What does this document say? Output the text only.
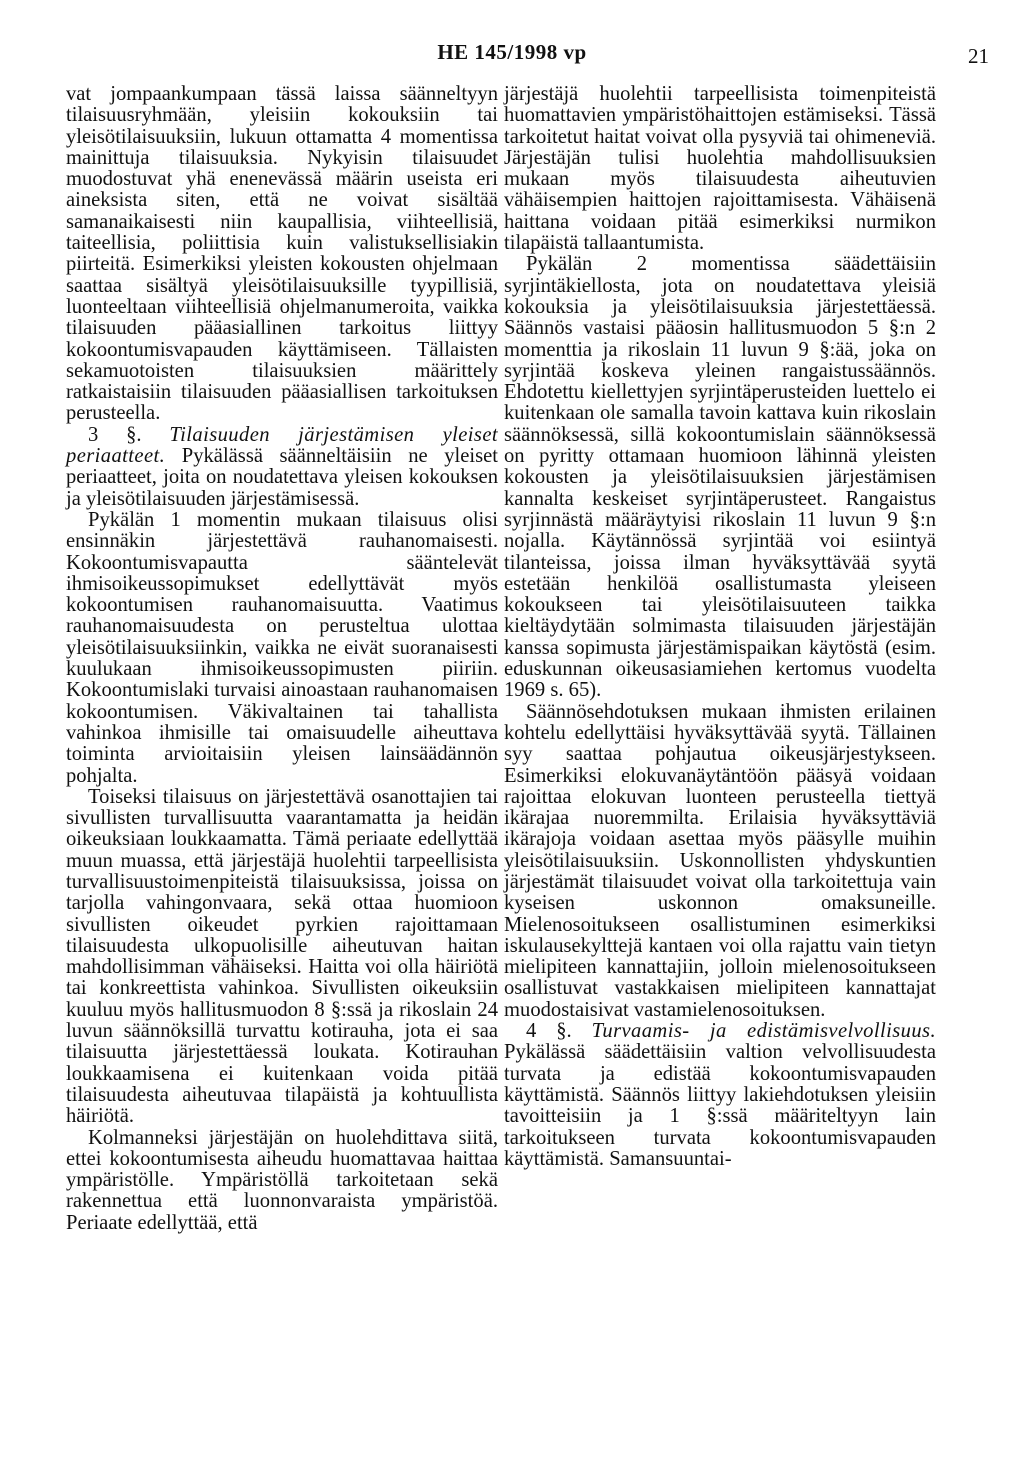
HE 145/1998 vp	21

vat jompaankumpaan tässä laissa säänneltyyn tilaisuusryhmään, yleisiin kokouksiin tai yleisötilaisuuksiin, lukuun ottamatta 4 momentissa mainittuja tilaisuuksia. Nykyisin tilaisuudet muodostuvat yhä enenevässä määrin useista eri aineksista siten, että ne voivat sisältää samanaikaisesti niin kaupallisia, viihteellisiä, taiteellisia, poliittisia kuin valistuksellisiakin piirteitä. Esimerkiksi yleisten kokousten ohjelmaan saattaa sisältyä yleisötilaisuuksille tyypillisiä, luonteeltaan viihteellisiä ohjelmanumeroita, vaikka tilaisuuden pääasiallinen tarkoitus liittyy kokoontumisvapauden käyttämiseen. Tällaisten sekamuotoisten tilaisuuksien määrittely ratkaistaisiin tilaisuuden pääasiallisen tarkoituksen perusteella.

3 §. Tilaisuuden järjestämisen yleiset periaatteet. Pykälässä säänneltäisiin ne yleiset periaatteet, joita on noudatettava yleisen kokouksen ja yleisötilaisuuden järjestämisessä.

Pykälän 1 momentin mukaan tilaisuus olisi ensinnäkin järjestettävä rauhanomaisesti. Kokoontumisvapautta sääntelevät ihmisoikeussopimukset edellyttävät myös kokoontumisen rauhanomaisuutta. Vaatimus rauhanomaisuudesta on perusteltua ulottaa yleisötilaisuuksiinkin, vaikka ne eivät suoranaisesti kuulukaan ihmisoikeussopimusten piiriin. Kokoontumislaki turvaisi ainoastaan rauhanomaisen kokoontumisen. Väkivaltainen tai tahallista vahinkoa ihmisille tai omaisuudelle aiheuttava toiminta arvioitaisiin yleisen lainsäädännön pohjalta.

Toiseksi tilaisuus on järjestettävä osanottajien tai sivullisten turvallisuutta vaarantamatta ja heidän oikeuksiaan loukkaamatta. Tämä periaate edellyttää muun muassa, että järjestäjä huolehtii tarpeellisista turvallisuustoimenpiteistä tilaisuuksissa, joissa on tarjolla vahingonvaara, sekä ottaa huomioon sivullisten oikeudet pyrkien rajoittamaan tilaisuudesta ulkopuolisille aiheutuvan haitan mahdollisimman vähäiseksi. Haitta voi olla häiriötä tai konkreettista vahinkoa. Sivullisten oikeuksiin kuuluu myös hallitusmuodon 8 §:ssä ja rikoslain 24 luvun säännöksillä turvattu kotirauha, jota ei saa tilaisuutta järjestettäessä loukata. Kotirauhan loukkaamisena ei kuitenkaan voida pitää tilaisuudesta aiheutuvaa tilapäistä ja kohtuullista häiriötä.

Kolmanneksi järjestäjän on huolehdittava siitä, ettei kokoontumisesta aiheudu huomattavaa haittaa ympäristölle. Ympäristöllä tarkoitetaan sekä rakennettua että luonnonvaraista ympäristöä. Periaate edellyttää, että

järjestäjä huolehtii tarpeellisista toimenpiteistä huomattavien ympäristöhaittojen estämiseksi. Tässä tarkoitetut haitat voivat olla pysyviä tai ohimeneviä. Järjestäjän tulisi huolehtia mahdollisuuksien mukaan myös tilaisuudesta aiheutuvien vähäisempien haittojen rajoittamisesta. Vähäisenä haittana voidaan pitää esimerkiksi nurmikon tilapäistä tallaantumista.

Pykälän 2 momentissa säädettäisiin syrjintäkiellosta, jota on noudatettava yleisiä kokouksia ja yleisötilaisuuksia järjestettäessä. Säännös vastaisi pääosin hallitusmuodon 5 §:n 2 momenttia ja rikoslain 11 luvun 9 §:ää, joka on syrjintää koskeva yleinen rangaistussäännös. Ehdotettu kiellettyjen syrjintäperusteiden luettelo ei kuitenkaan ole samalla tavoin kattava kuin rikoslain säännöksessä, sillä kokoontumislain säännöksessä on pyritty ottamaan huomioon lähinnä yleisten kokousten ja yleisötilaisuuksien järjestämisen kannalta keskeiset syrjintäperusteet. Rangaistus syrjinnästä määräytyisi rikoslain 11 luvun 9 §:n nojalla. Käytännössä syrjintää voi esiintyä tilanteissa, joissa ilman hyväksyttävää syytä estetään henkilöä osallistumasta yleiseen kokoukseen tai yleisötilaisuuteen taikka kieltäydytään solmimasta tilaisuuden järjestäjän kanssa sopimusta järjestämispaikan käytöstä (esim. eduskunnan oikeusasiamiehen kertomus vuodelta 1969 s. 65).

Säännösehdotuksen mukaan ihmisten erilainen kohtelu edellyttäisi hyväksyttävää syytä. Tällainen syy saattaa pohjautua oikeusjärjestykseen. Esimerkiksi elokuvanäytäntöön pääsyä voidaan rajoittaa elokuvan luonteen perusteella tiettyä ikärajaa nuoremmilta. Erilaisia hyväksyttäviä ikärajoja voidaan asettaa myös pääsylle muihin yleisötilaisuuksiin. Uskonnollisten yhdyskuntien järjestämät tilaisuudet voivat olla tarkoitettuja vain kyseisen uskonnon omaksuneille. Mielenosoitukseen osallistuminen esimerkiksi iskulausekylttejä kantaen voi olla rajattu vain tietyn mielipiteen kannattajiin, jolloin mielenosoitukseen osallistuvat vastakkaisen mielipiteen kannattajat muodostaisivat vastamielenosoituksen.

4 §. Turvaamis- ja edistämisvelvollisuus. Pykälässä säädettäisiin valtion velvollisuudesta turvata ja edistää kokoontumisvapauden käyttämistä. Säännös liittyy lakiehdotuksen yleisiin tavoitteisiin ja 1 §:ssä määriteltyyn lain tarkoitukseen turvata kokoontumisvapauden käyttämistä. Samansuuntai-
